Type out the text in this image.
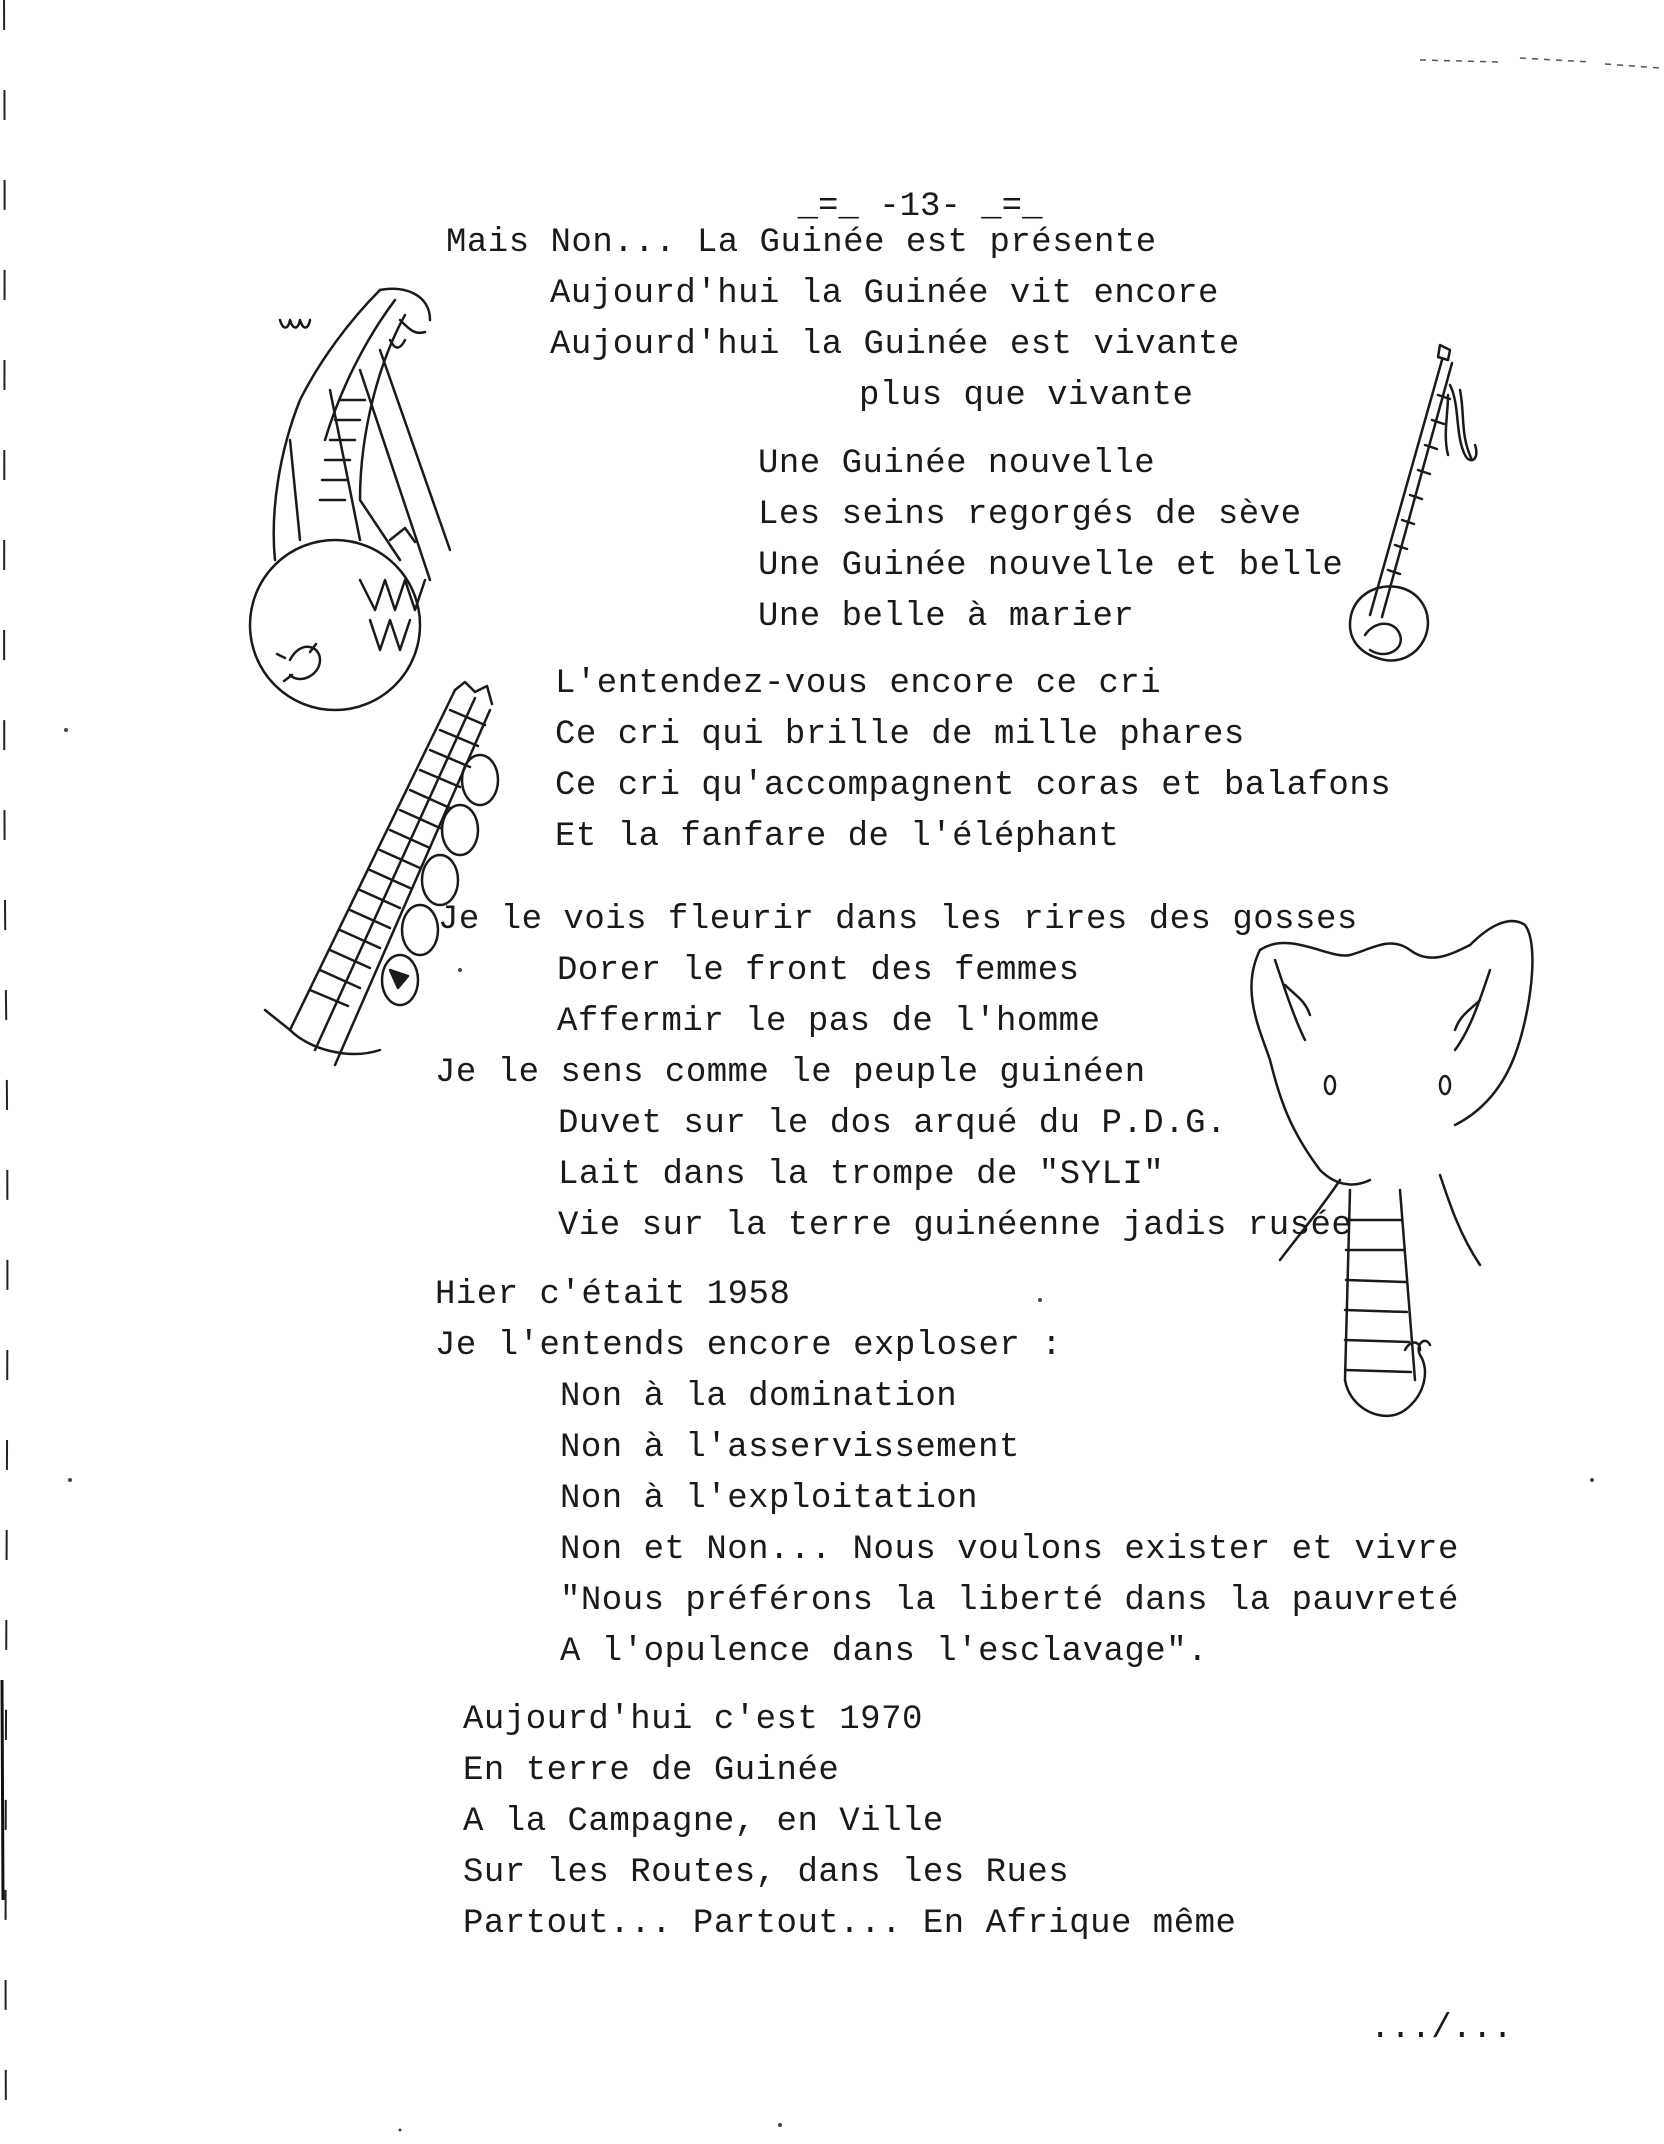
_=_ -13- _=_

Mais Non... La Guinée est présente
Aujourd'hui la Guinée vit encore
Aujourd'hui la Guinée est vivante
plus que vivante
Une Guinée nouvelle
Les seins regorgés de sève
Une Guinée nouvelle et belle
Une belle à marier
L'entendez-vous encore ce cri
Ce cri qui brille de mille phares
Ce cri qu'accompagnent coras et balafons
Et la fanfare de l'éléphant
Je le vois fleurir dans les rires des gosses
Dorer le front des femmes
Affermir le pas de l'homme
Je le sens comme le peuple guinéen
Duvet sur le dos arqué du P.D.G.
Lait dans la trompe de "SYLI"
Vie sur la terre guinéenne jadis rusée
Hier c'était 1958
Je l'entends encore exploser :
Non à la domination
Non à l'asservissement
Non à l'exploitation
Non et Non... Nous voulons exister et vivre
"Nous préférons la liberté dans la pauvreté
A l'opulence dans l'esclavage".
Aujourd'hui c'est 1970
En terre de Guinée
A la Campagne, en Ville
Sur les Routes, dans les Rues
Partout... Partout... En Afrique même
.../...
